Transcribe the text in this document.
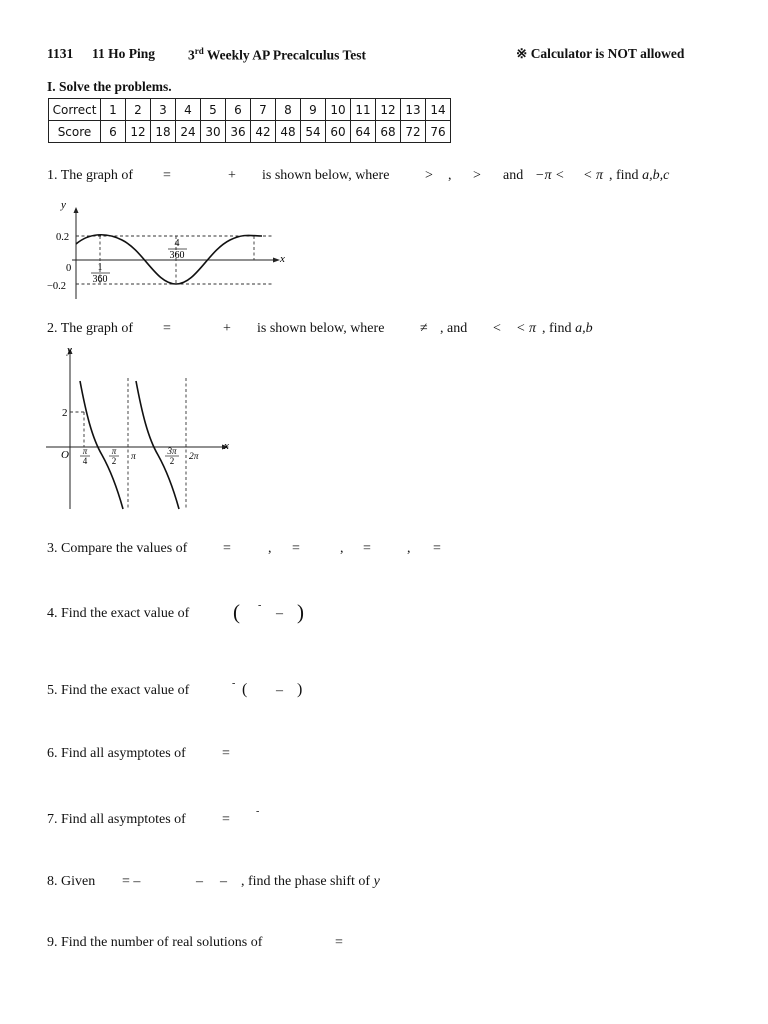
1131 11 Ho Ping 3rd Weekly AP Precalculus Test	※ Calculator is NOT allowed
I. Solve the problems.
Correct	1	2	3	4	5	6	7	8	9	10	11	12	13	14
Score	6	12	18	24	30	36	42	48	54	60	64	68	72	76
1. The graph of =	+ is shown below, where	> , > and −π < < π , find a,b,c
y
x
0.2
0
−0.2
1
360
4
360
2. The graph of =	+ is shown below, where	≠ , and < < π , find a,b
y
x
2
O π
4
π
2 π
3π
2 2π
3. Compare the values of	=	, =	, =	, =
4. Find the exact value of ( -
– )
5. Find the exact value of	- ( – )
6. Find all asymptotes of	=
7. Find all asymptotes of	=
-
8. Given = –	– – , find the phase shift of y
9. Find the number of real solutions of	=
